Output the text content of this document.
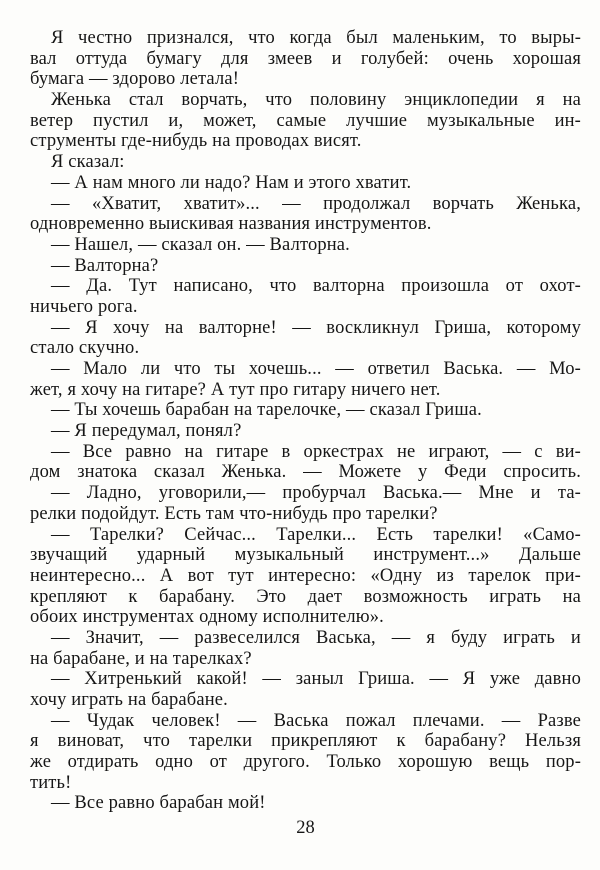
Я честно признался, что когда был маленьким, то выры-
вал оттуда бумагу для змеев и голубей: очень хорошая
бумага — здорово летала!
Женька стал ворчать, что половину энциклопедии я на
ветер пустил и, может, самые лучшие музыкальные ин-
струменты где-нибудь на проводах висят.
Я сказал:
— А нам много ли надо? Нам и этого хватит.
— «Хватит, хватит»... — продолжал ворчать Женька,
одновременно выискивая названия инструментов.
— Нашел, — сказал он. — Валторна.
— Валторна?
— Да. Тут написано, что валторна произошла от охот-
ничьего рога.
— Я хочу на валторне! — воскликнул Гриша, которому
стало скучно.
— Мало ли что ты хочешь... — ответил Васька. — Мо-
жет, я хочу на гитаре? А тут про гитару ничего нет.
— Ты хочешь барабан на тарелочке, — сказал Гриша.
— Я передумал, понял?
— Все равно на гитаре в оркестрах не играют, — с ви-
дом знатока сказал Женька. — Можете у Феди спросить.
— Ладно, уговорили,— пробурчал Васька.— Мне и та-
релки подойдут. Есть там что-нибудь про тарелки?
— Тарелки? Сейчас... Тарелки... Есть тарелки! «Само-
звучащий ударный музыкальный инструмент...» Дальше
неинтересно... А вот тут интересно: «Одну из тарелок при-
крепляют к барабану. Это дает возможность играть на
обоих инструментах одному исполнителю».
— Значит, — развеселился Васька, — я буду играть и
на барабане, и на тарелках?
— Хитренький какой! — заныл Гриша. — Я уже давно
хочу играть на барабане.
— Чудак человек! — Васька пожал плечами. — Разве
я виноват, что тарелки прикрепляют к барабану? Нельзя
же отдирать одно от другого. Только хорошую вещь пор-
тить!
— Все равно барабан мой!
28
